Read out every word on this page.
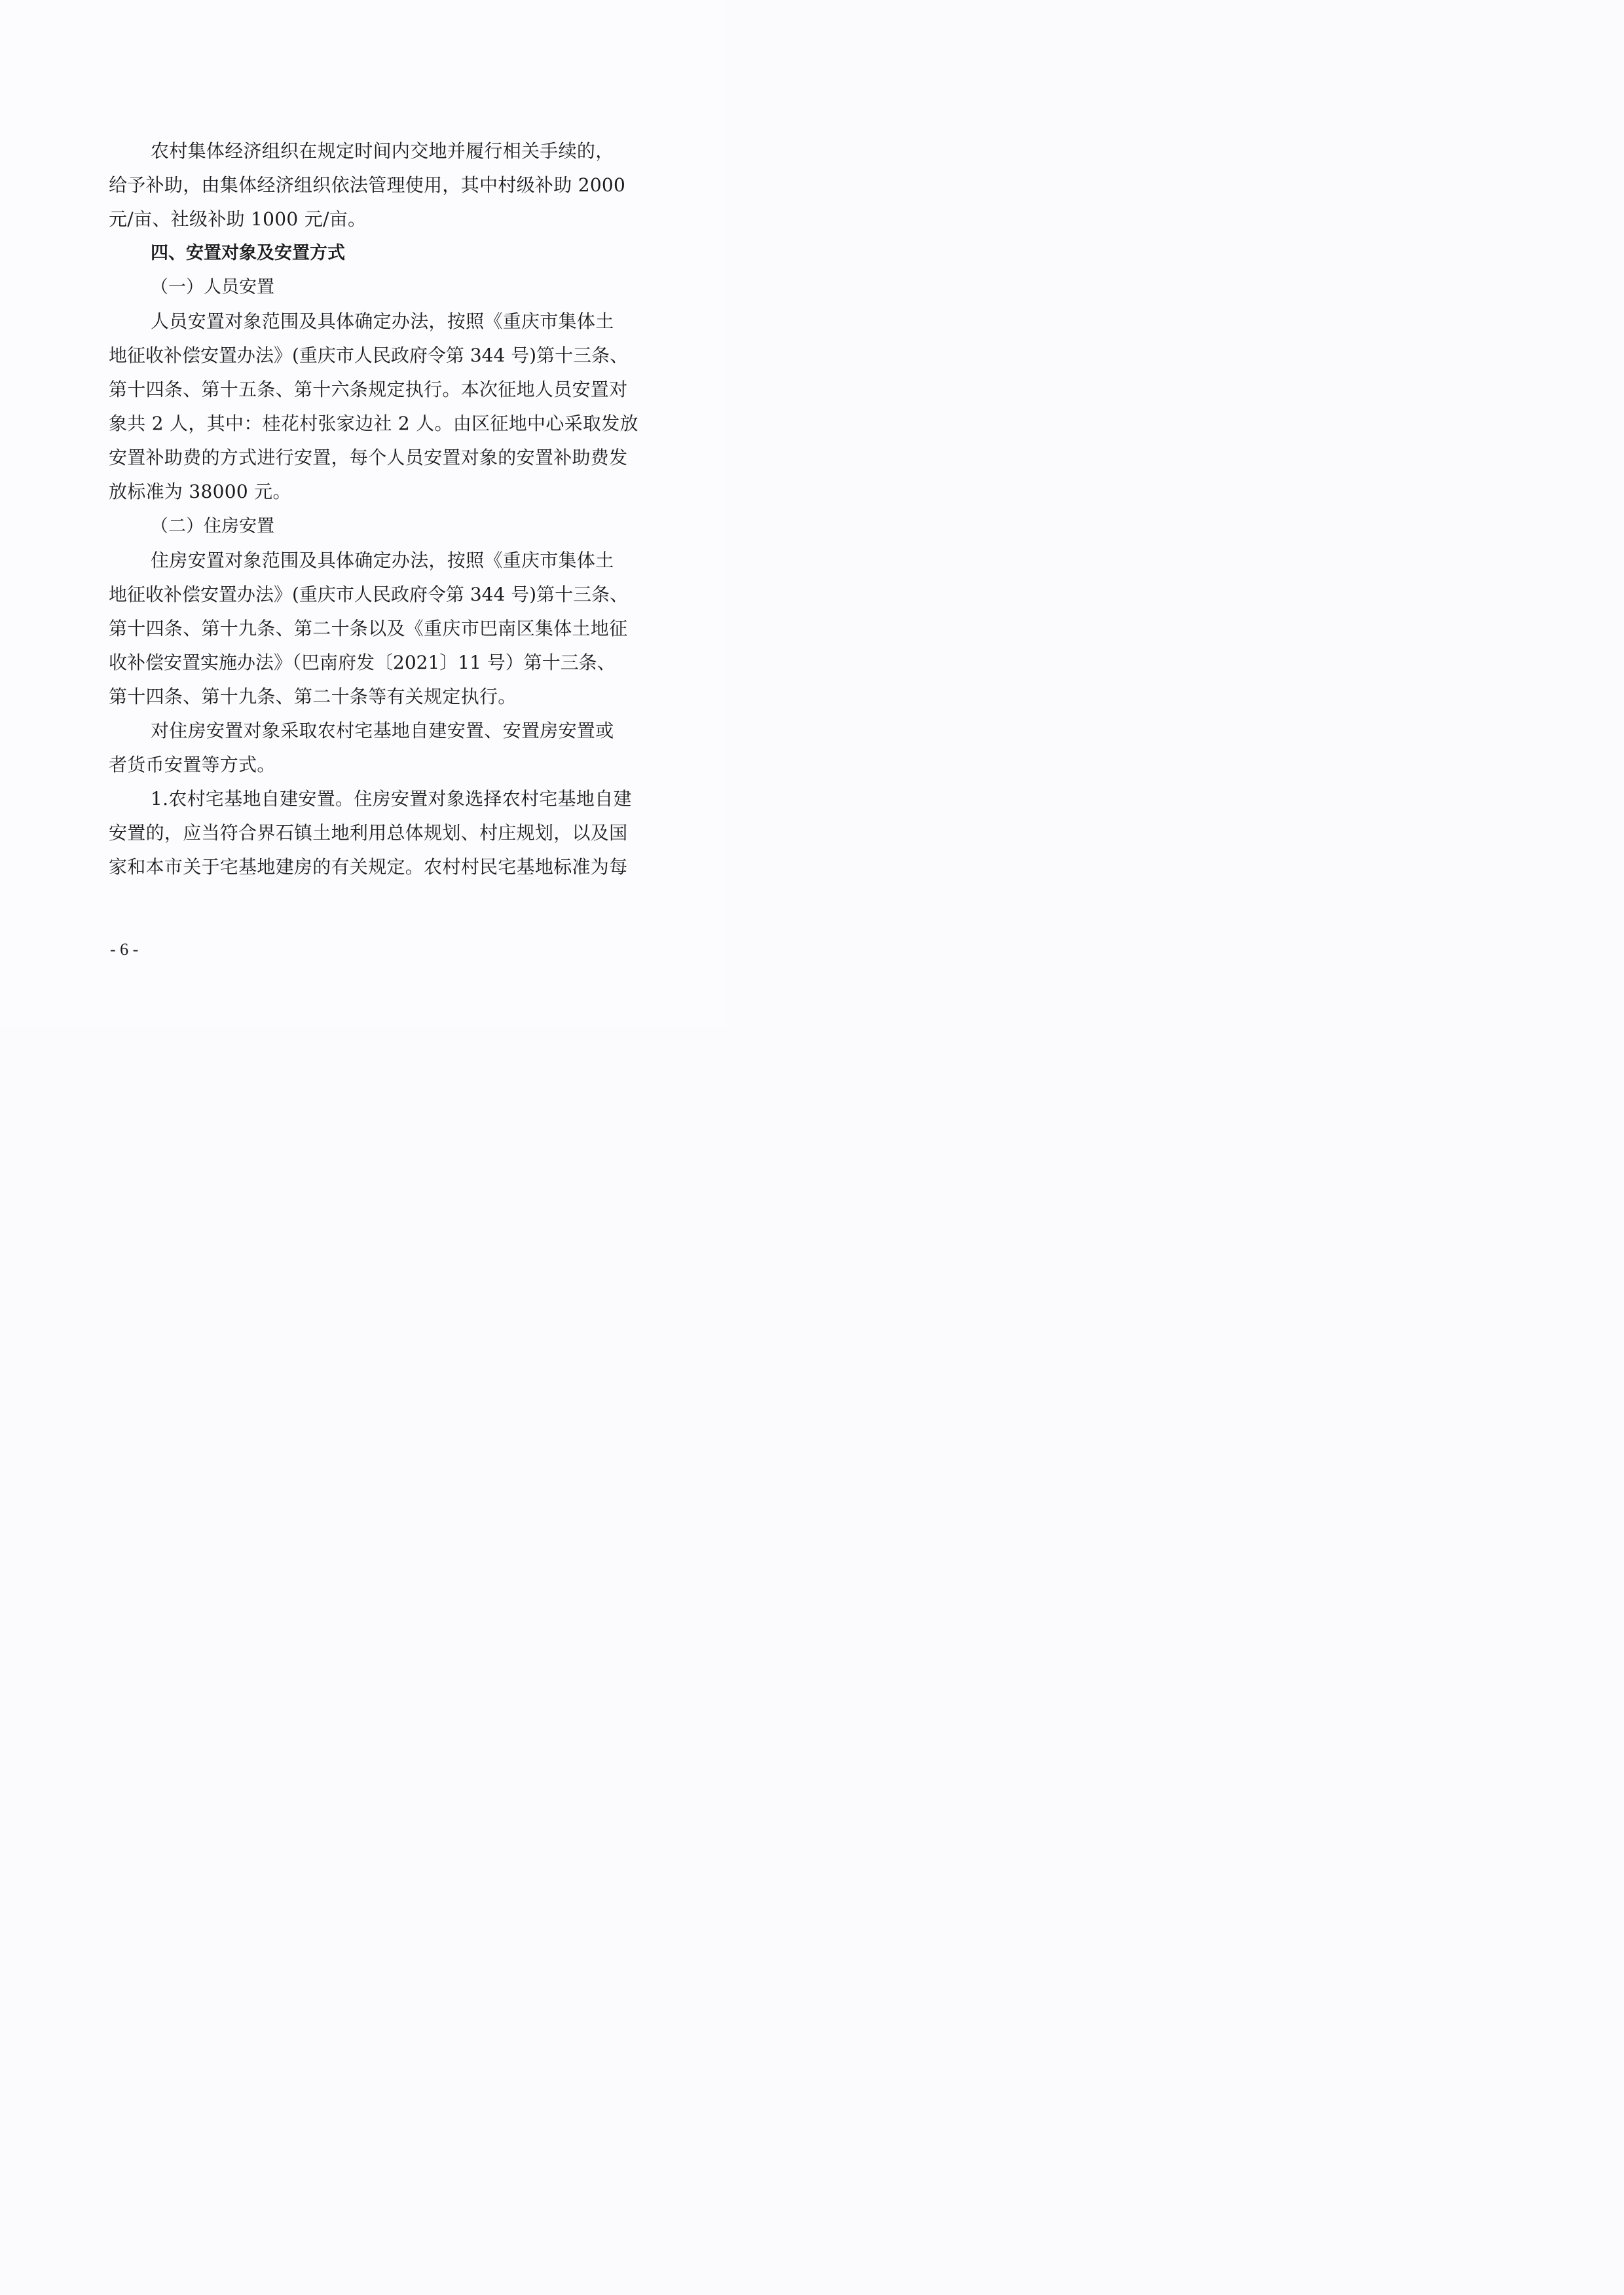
农村集体经济组织在规定时间内交地并履行相关手续的，
给予补助，由集体经济组织依法管理使用，其中村级补助 2000
元/亩、社级补助 1000 元/亩。
四、安置对象及安置方式
（一）人员安置
人员安置对象范围及具体确定办法，按照《重庆市集体土
地征收补偿安置办法》(重庆市人民政府令第 344 号)第十三条、
第十四条、第十五条、第十六条规定执行。本次征地人员安置对
象共 2 人，其中：桂花村张家边社 2 人。由区征地中心采取发放
安置补助费的方式进行安置，每个人员安置对象的安置补助费发
放标准为 38000 元。
（二）住房安置
住房安置对象范围及具体确定办法，按照《重庆市集体土
地征收补偿安置办法》(重庆市人民政府令第 344 号)第十三条、
第十四条、第十九条、第二十条以及《重庆市巴南区集体土地征
收补偿安置实施办法》（巴南府发〔2021〕11 号）第十三条、
第十四条、第十九条、第二十条等有关规定执行。
对住房安置对象采取农村宅基地自建安置、安置房安置或
者货币安置等方式。
1.农村宅基地自建安置。住房安置对象选择农村宅基地自建
安置的，应当符合界石镇土地利用总体规划、村庄规划，以及国
家和本市关于宅基地建房的有关规定。农村村民宅基地标准为每
- 6 -
